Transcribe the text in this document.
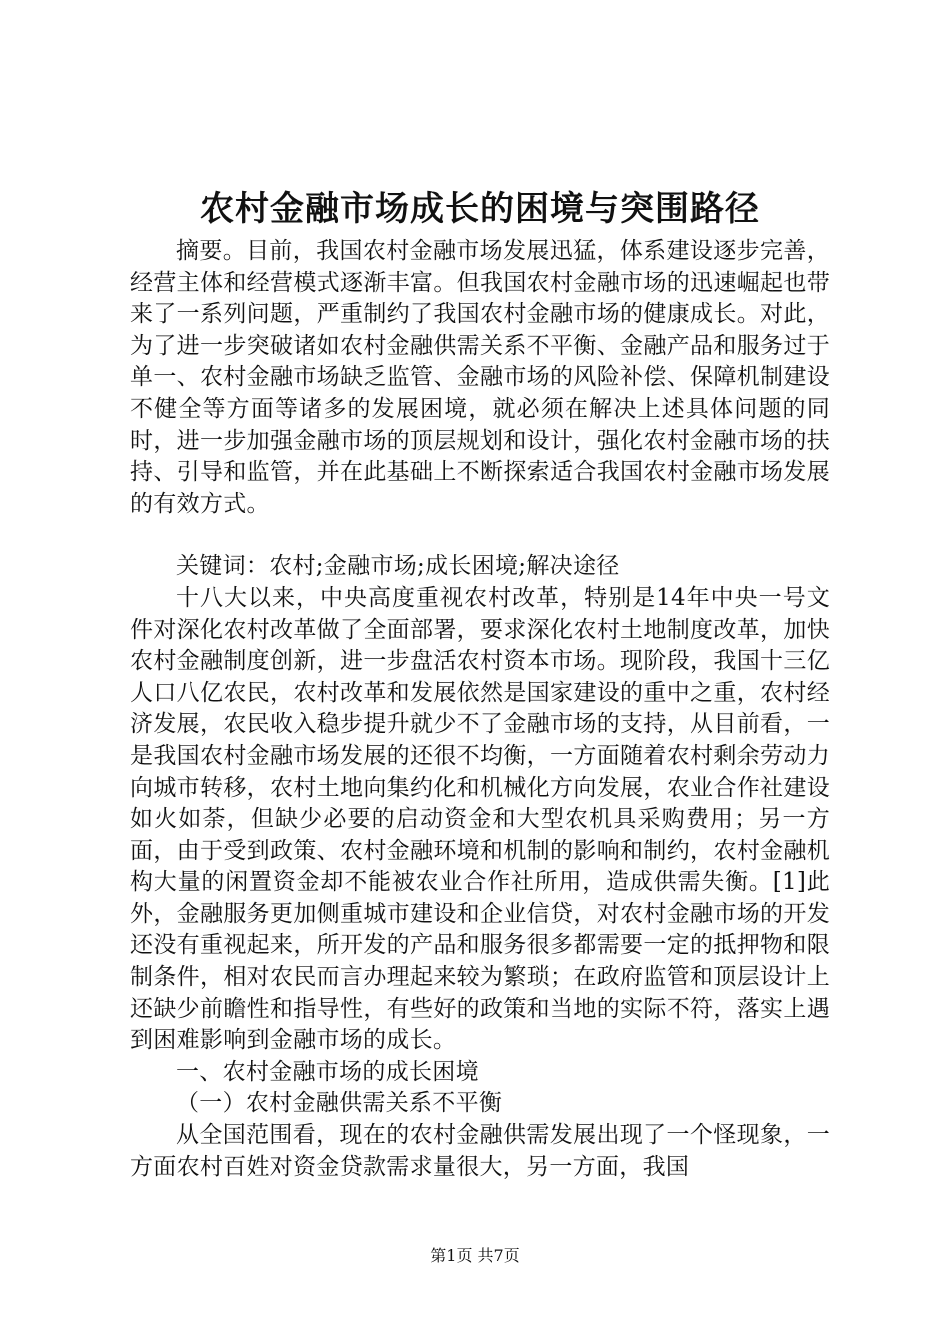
农村金融市场成长的困境与突围路径

摘要。目前，我国农村金融市场发展迅猛，体系建设逐步完善，经营主体和经营模式逐渐丰富。但我国农村金融市场的迅速崛起也带来了一系列问题，严重制约了我国农村金融市场的健康成长。对此，为了进一步突破诸如农村金融供需关系不平衡、金融产品和服务过于单一、农村金融市场缺乏监管、金融市场的风险补偿、保障机制建设不健全等方面等诸多的发展困境，就必须在解决上述具体问题的同时，进一步加强金融市场的顶层规划和设计，强化农村金融市场的扶持、引导和监管，并在此基础上不断探索适合我国农村金融市场发展的有效方式。

关键词：农村;金融市场;成长困境;解决途径

十八大以来，中央高度重视农村改革，特别是14年中央一号文件对深化农村改革做了全面部署，要求深化农村土地制度改革，加快农村金融制度创新，进一步盘活农村资本市场。现阶段，我国十三亿人口八亿农民，农村改革和发展依然是国家建设的重中之重，农村经济发展，农民收入稳步提升就少不了金融市场的支持，从目前看，一是我国农村金融市场发展的还很不均衡，一方面随着农村剩余劳动力向城市转移，农村土地向集约化和机械化方向发展，农业合作社建设如火如荼，但缺少必要的启动资金和大型农机具采购费用；另一方面，由于受到政策、农村金融环境和机制的影响和制约，农村金融机构大量的闲置资金却不能被农业合作社所用，造成供需失衡。[1]此外，金融服务更加侧重城市建设和企业信贷，对农村金融市场的开发还没有重视起来，所开发的产品和服务很多都需要一定的抵押物和限制条件，相对农民而言办理起来较为繁琐；在政府监管和顶层设计上还缺少前瞻性和指导性，有些好的政策和当地的实际不符，落实上遇到困难影响到金融市场的成长。

一、农村金融市场的成长困境

（一）农村金融供需关系不平衡

从全国范围看，现在的农村金融供需发展出现了一个怪现象，一方面农村百姓对资金贷款需求量很大，另一方面，我国

第1页 共7页
